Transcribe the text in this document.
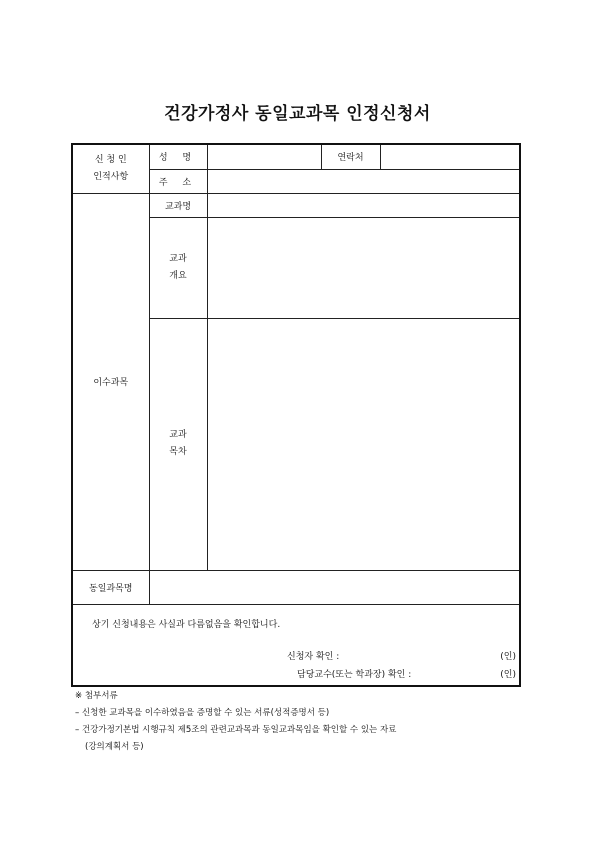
건강가정사 동일교과목 인정신청서
신 청 인
인적사항	성 명		연락처	
	주 소			
이수과목	교과명			
	교과
개요			
	교과
목차			
동일과목명				

상기 신청내용은 사실과 다름없음을 확인합니다.
신청자 확인 : (인)
담당교수(또는 학과장) 확인 : (인)				
※ 첨부서류
– 신청한 교과목을 이수하였음을 증명할 수 있는 서류(성적증명서 등)
– 건강가정기본법 시행규칙 제5조의 관련교과목과 동일교과목임을 확인할 수 있는 자료
(강의계획서 등)
